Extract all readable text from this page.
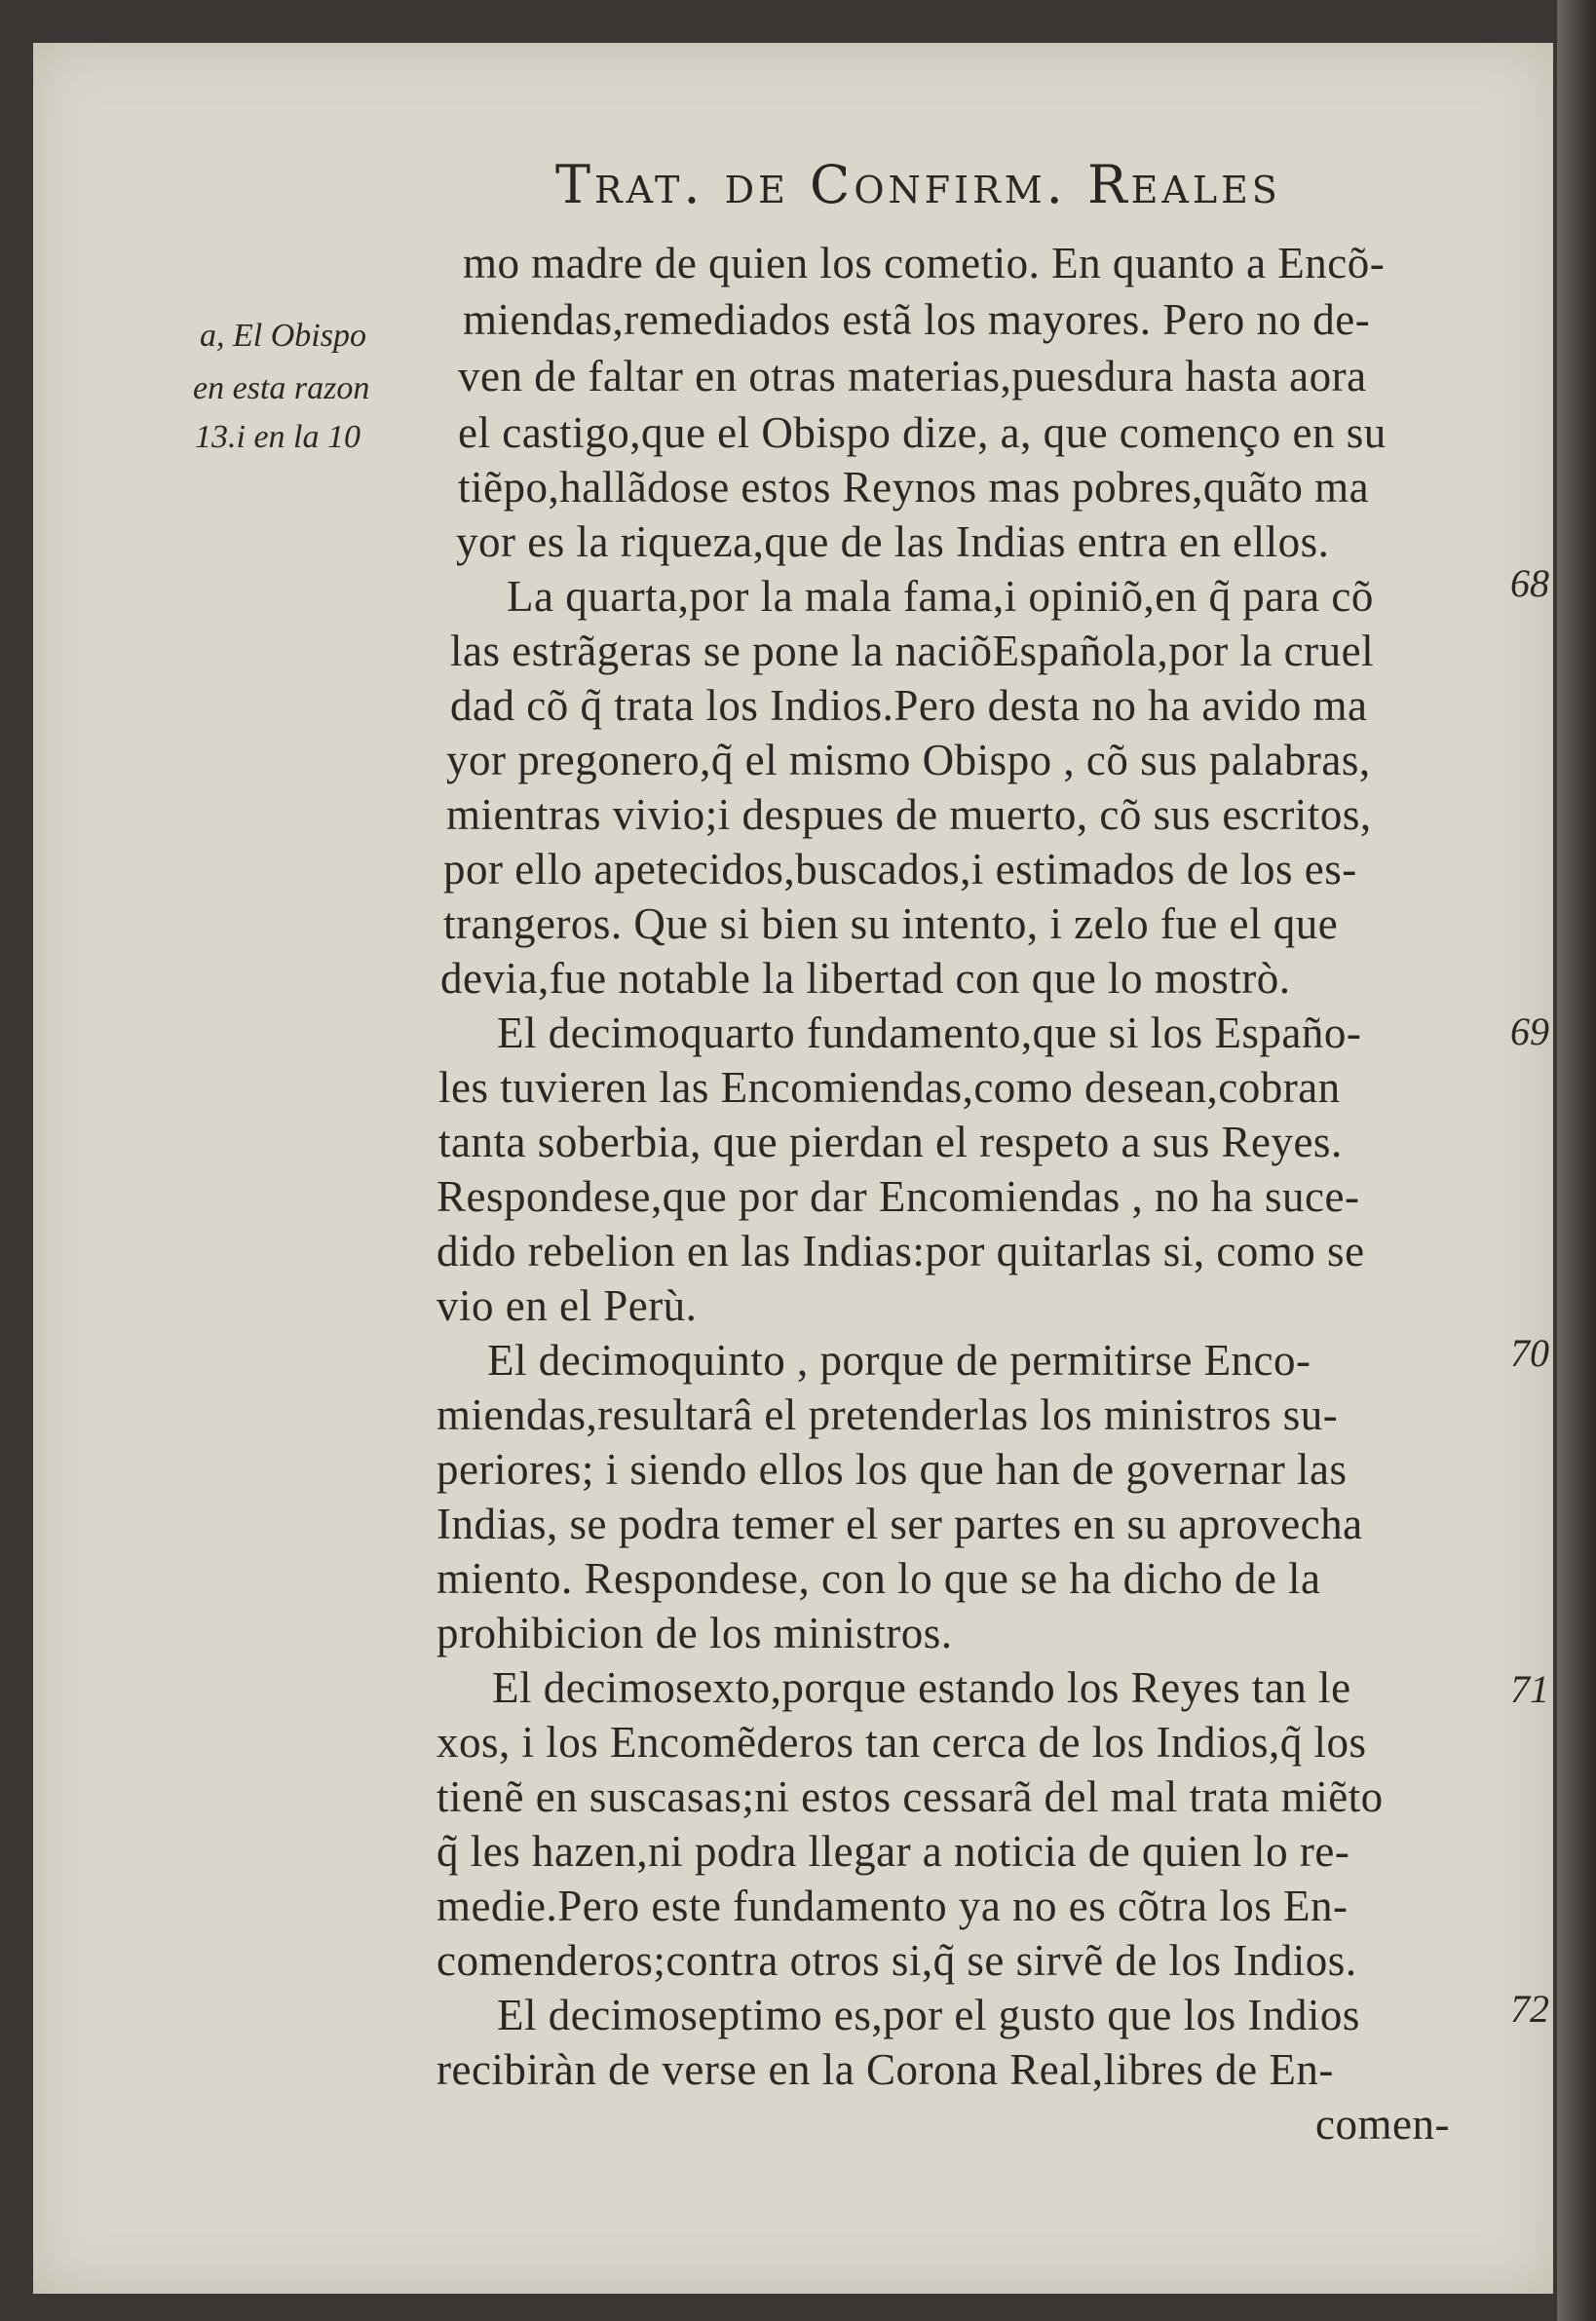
Trat. de Confirm. Reales
a, El Obispo
en esta razon
13.i en la 10
68
69
70
71
72
mo madre de quien los cometio. En quanto a Encõ-
miendas,remediados estã los mayores. Pero no de-
ven de faltar en otras materias,puesdura hasta aora
el castigo,que el Obispo dize, a, que començo en su
tiẽpo,hallãdose estos Reynos mas pobres,quãto ma
yor es la riqueza,que de las Indias entra en ellos.
La quarta,por la mala fama,i opiniõ,en q̃ para cõ
las estrãgeras se pone la naciõEspañola,por la cruel
dad cõ q̃ trata los Indios.Pero desta no ha avido ma
yor pregonero,q̃ el mismo Obispo , cõ sus palabras,
mientras vivio;i despues de muerto, cõ sus escritos,
por ello apetecidos,buscados,i estimados de los es-
trangeros. Que si bien su intento, i zelo fue el que
devia,fue notable la libertad con que lo mostrò.
El decimoquarto fundamento,que si los Españo-
les tuvieren las Encomiendas,como desean,cobran
tanta soberbia, que pierdan el respeto a sus Reyes.
Respondese,que por dar Encomiendas , no ha suce-
dido rebelion en las Indias:por quitarlas si, como se
vio en el Perù.
El decimoquinto , porque de permitirse Enco-
miendas,resultarâ el pretenderlas los ministros su-
periores; i siendo ellos los que han de governar las
Indias, se podra temer el ser partes en su aprovecha
miento. Respondese, con lo que se ha dicho de la
prohibicion de los ministros.
El decimosexto,porque estando los Reyes tan le
xos, i los Encomẽderos tan cerca de los Indios,q̃ los
tienẽ en suscasas;ni estos cessarã del mal trata miẽto
q̃ les hazen,ni podra llegar a noticia de quien lo re-
medie.Pero este fundamento ya no es cõtra los En-
comenderos;contra otros si,q̃ se sirvẽ de los Indios.
El decimoseptimo es,por el gusto que los Indios
recibiràn de verse en la Corona Real,libres de En-
comen-
